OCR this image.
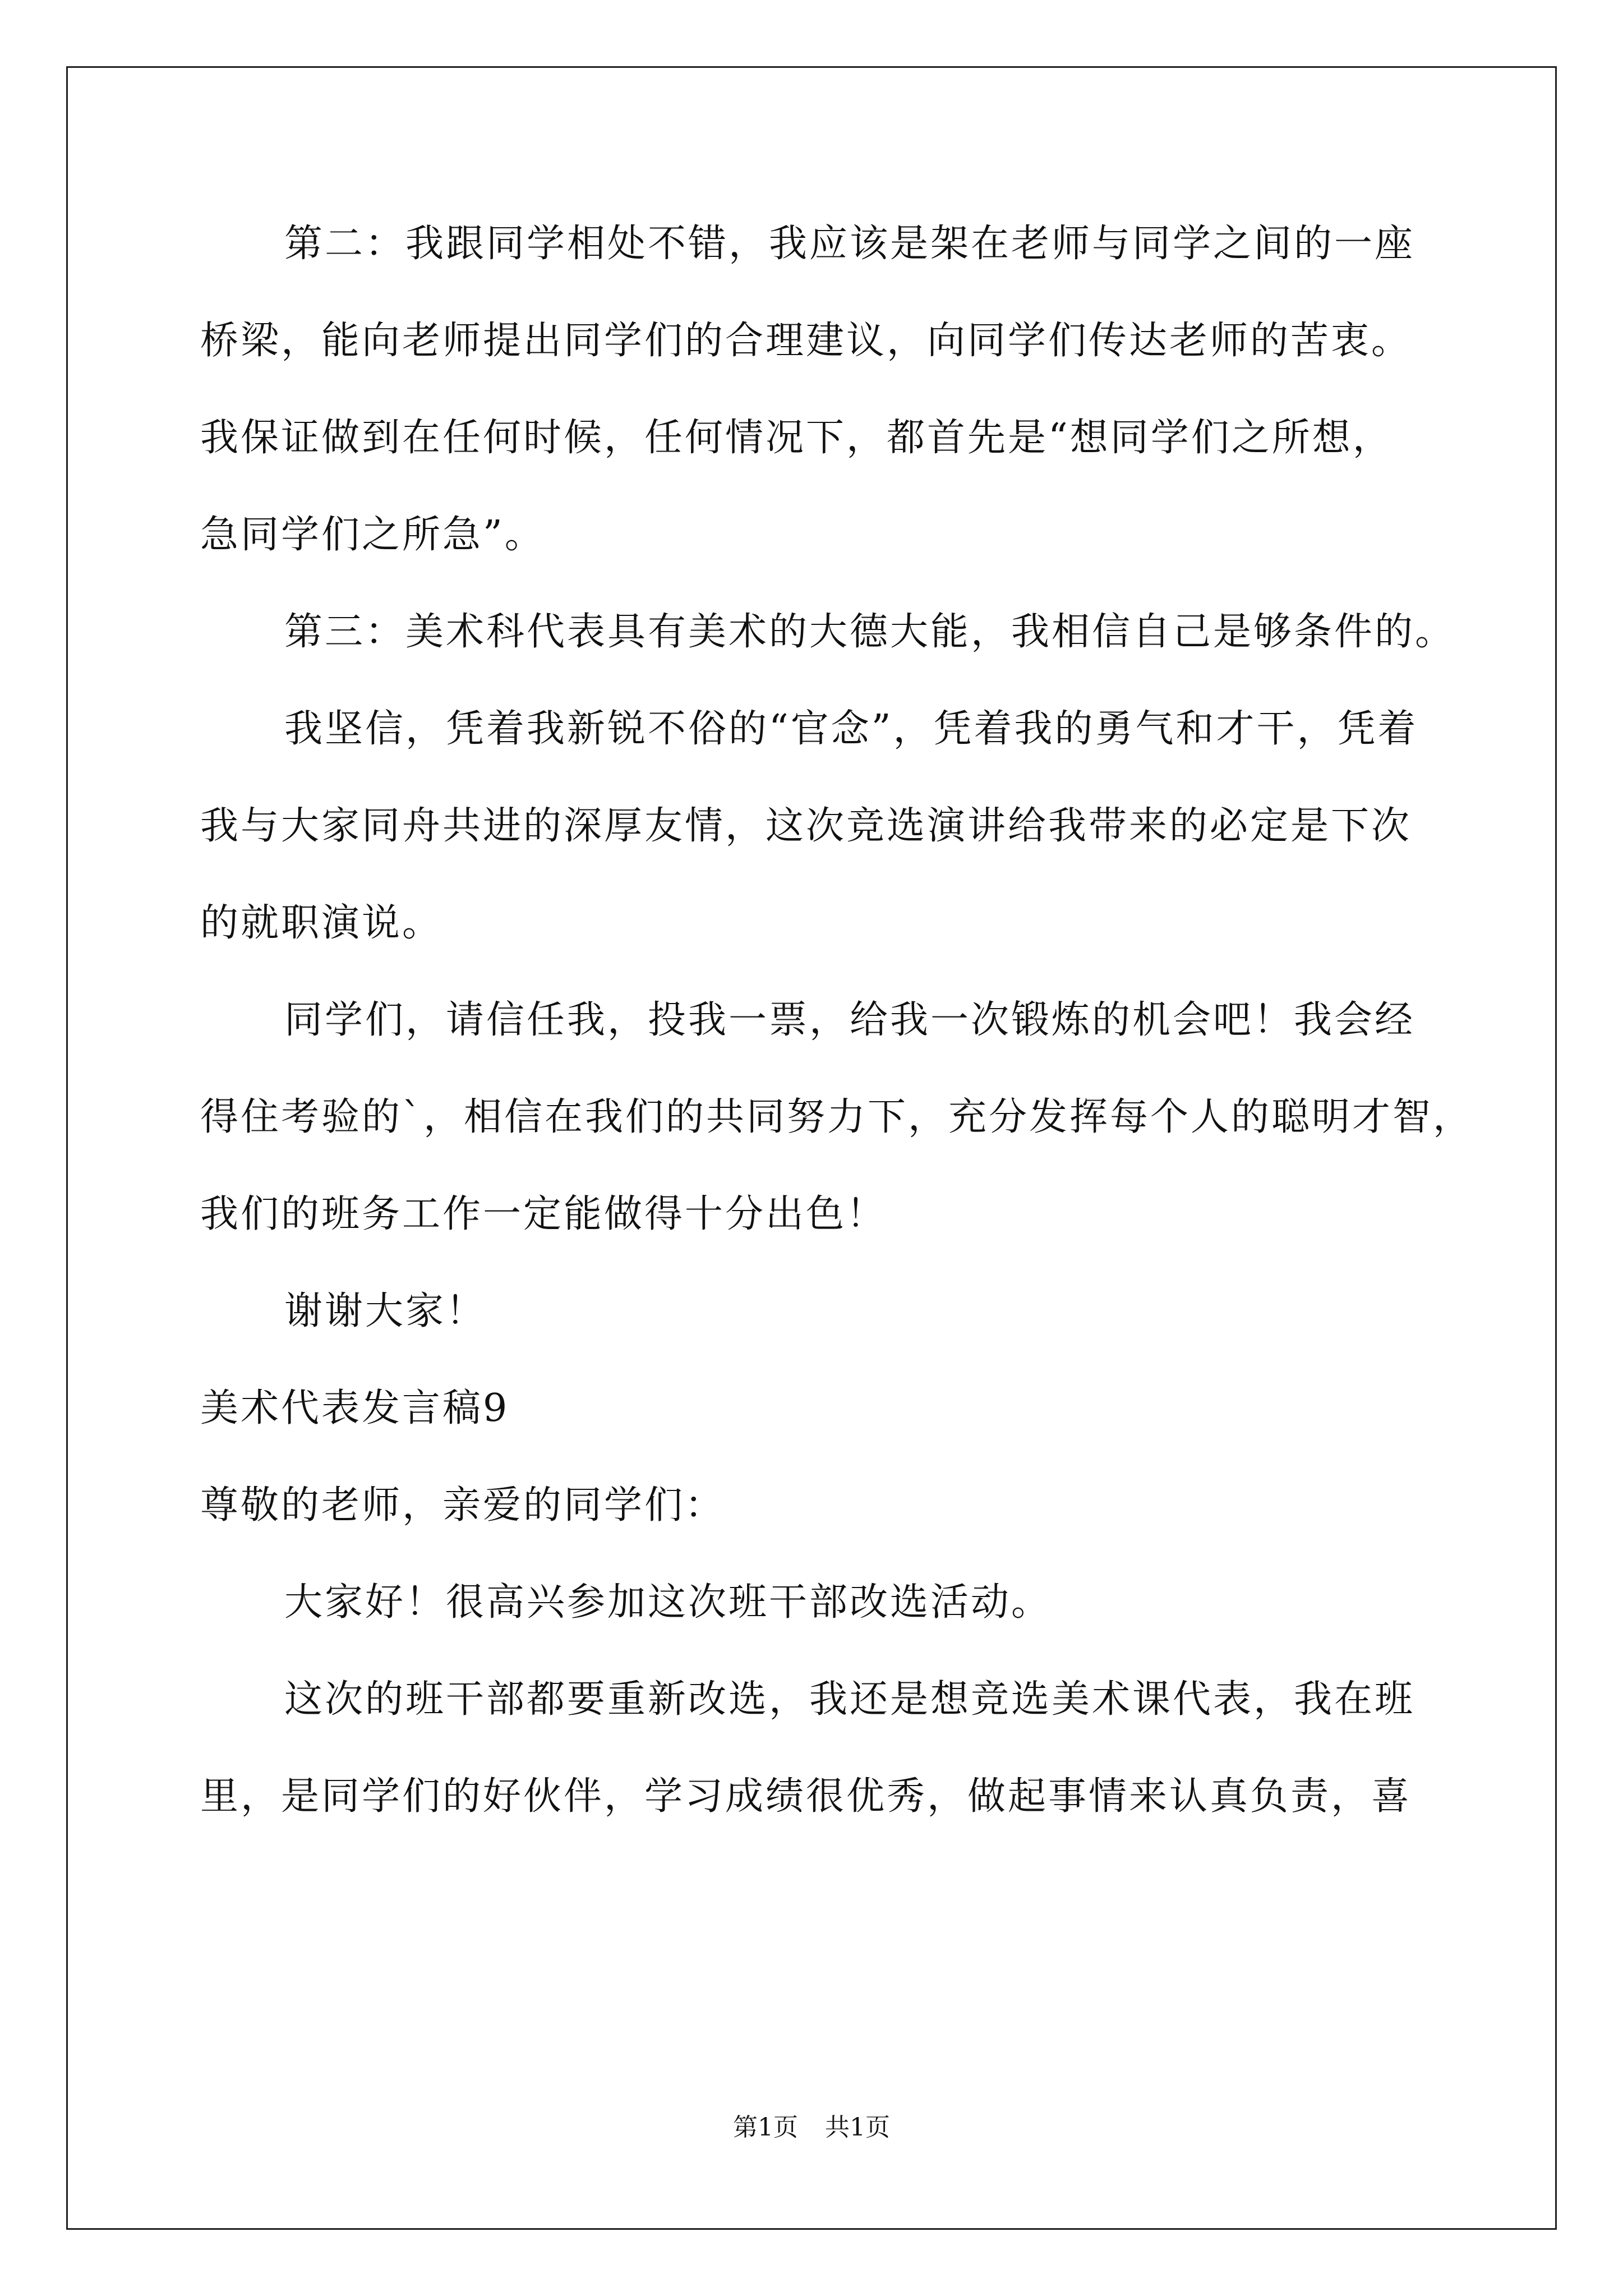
第二：我跟同学相处不错，我应该是架在老师与同学之间的一座
桥梁，能向老师提出同学们的合理建议，向同学们传达老师的苦衷。
我保证做到在任何时候，任何情况下，都首先是“想同学们之所想，
急同学们之所急”。
第三：美术科代表具有美术的大德大能，我相信自己是够条件的。
我坚信，凭着我新锐不俗的“官念”，凭着我的勇气和才干，凭着
我与大家同舟共进的深厚友情，这次竞选演讲给我带来的必定是下次
的就职演说。
同学们，请信任我，投我一票，给我一次锻炼的机会吧！我会经
得住考验的`，相信在我们的共同努力下，充分发挥每个人的聪明才智，
我们的班务工作一定能做得十分出色！
谢谢大家！
美术代表发言稿9
尊敬的老师，亲爱的同学们：
大家好！很高兴参加这次班干部改选活动。
这次的班干部都要重新改选，我还是想竞选美术课代表，我在班
里，是同学们的好伙伴，学习成绩很优秀，做起事情来认真负责，喜
第1页 共1页
